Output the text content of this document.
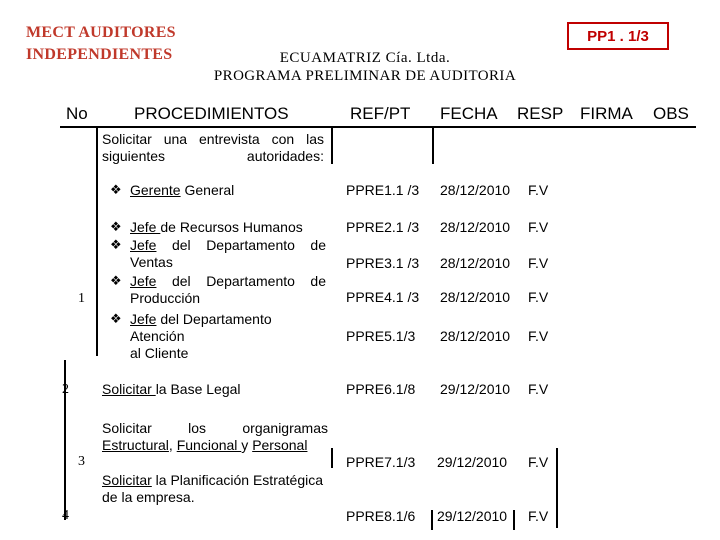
MECT AUDITORES
INDEPENDIENTES
PP1 . 1/3
ECUAMATRIZ Cía. Ltda.
PROGRAMA PRELIMINAR DE AUDITORIA
No	PROCEDIMIENTOS	REF/PT FECHA RESP FIRMA OBS
1
Solicitar una entrevista con las siguientes autoridades:
❖ Gerente General	PPRE1.1 /3 28/12/2010 F.V
❖ Jefe de Recursos Humanos	PPRE2.1 /3 28/12/2010 F.V
❖ Jefe del Departamento de
Ventas	PPRE3.1 /3 28/12/2010 F.V
❖ Jefe del Departamento de
Producción	PPRE4.1 /3 28/12/2010 F.V
❖ Jefe del Departamento Atención
al Cliente
PPRE5.1/3 28/12/2010 F.V
2 Solicitar la Base Legal	PPRE6.1/8 29/12/2010 F.V
3
Solicitar los organigramas
Estructural, Funcional y Personal
PPRE7.1/3 29/12/2010 F.V
4
Solicitar la Planificación Estratégica
de la empresa.
PPRE8.1/6 29/12/2010 F.V
